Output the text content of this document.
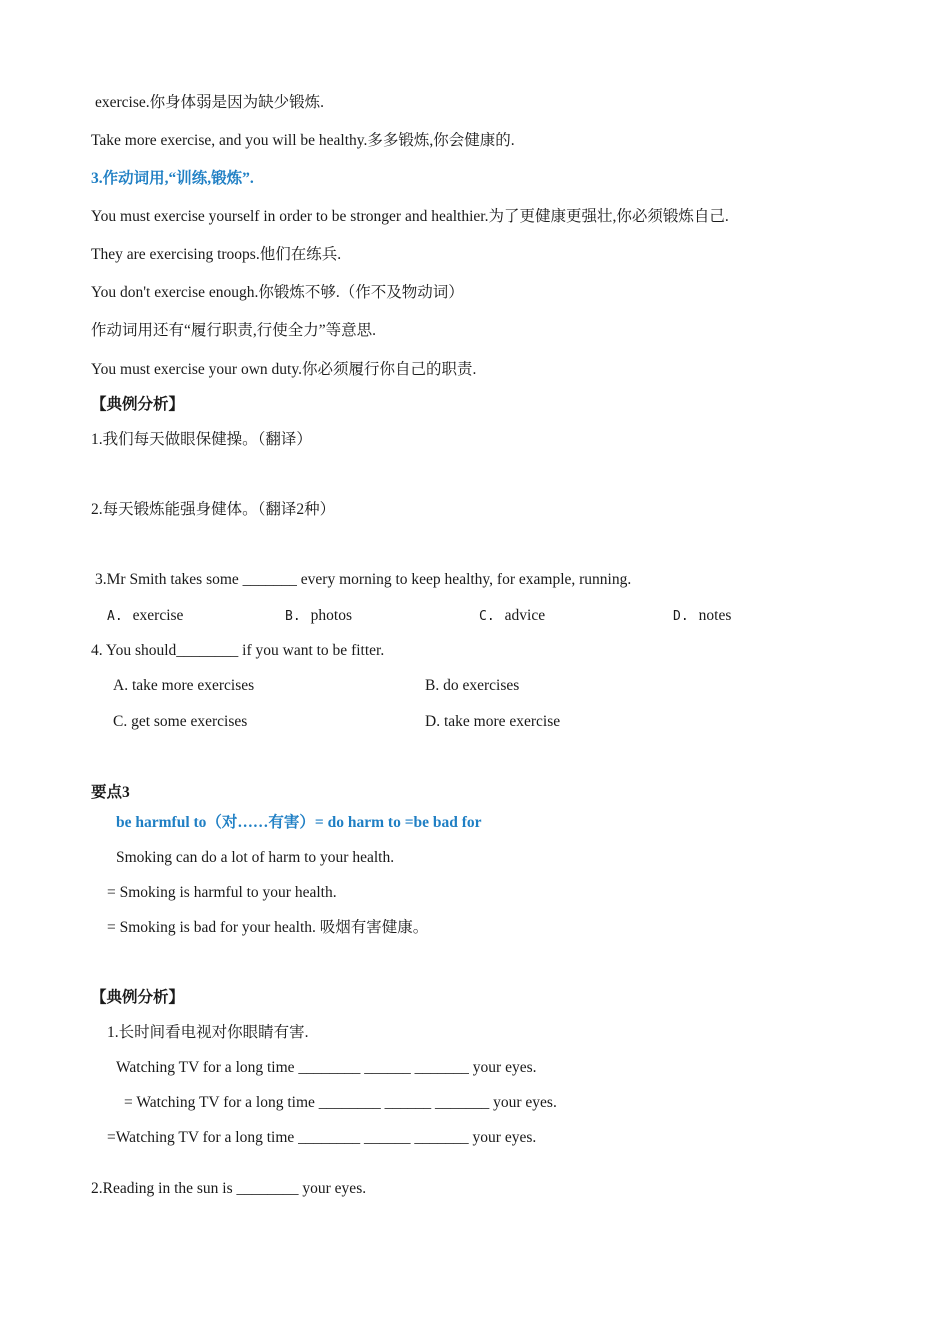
exercise.你身体弱是因为缺少锻炼.
Take more exercise, and you will be healthy.多多锻炼,你会健康的.
3.作动词用,“训练,锻炼”.
You must exercise yourself in order to be stronger and healthier.为了更健康更强壮,你必须锻炼自己.
They are exercising troops.他们在练兵.
You don't exercise enough.你锻炼不够.（作不及物动词）
作动词用还有“履行职责,行使全力”等意思.
You must exercise your own duty.你必须履行你自己的职责.
【典例分析】
1.我们每天做眼保健操。（翻译）
2.每天锻炼能强身健体。（翻译2种）
3.Mr Smith takes some _______ every morning to keep healthy, for example, running.
A. exercise	B. photos	C. advice	D. notes
4. You should________ if you want to be fitter.
A. take more exercises	B. do exercises
C. get some exercises	D. take more exercise
要点3
be harmful to（对……有害）= do harm to =be bad for
Smoking can do a lot of harm to your health.
= Smoking is harmful to your health.
= Smoking is bad for your health. 吸烟有害健康。
【典例分析】
1.长时间看电视对你眼睛有害.
Watching TV for a long time ________ ______ _______ your eyes.
= Watching TV for a long time ________ ______ _______ your eyes.
=Watching TV for a long time ________ ______ _______ your eyes.
2.Reading in the sun is ________ your eyes.
